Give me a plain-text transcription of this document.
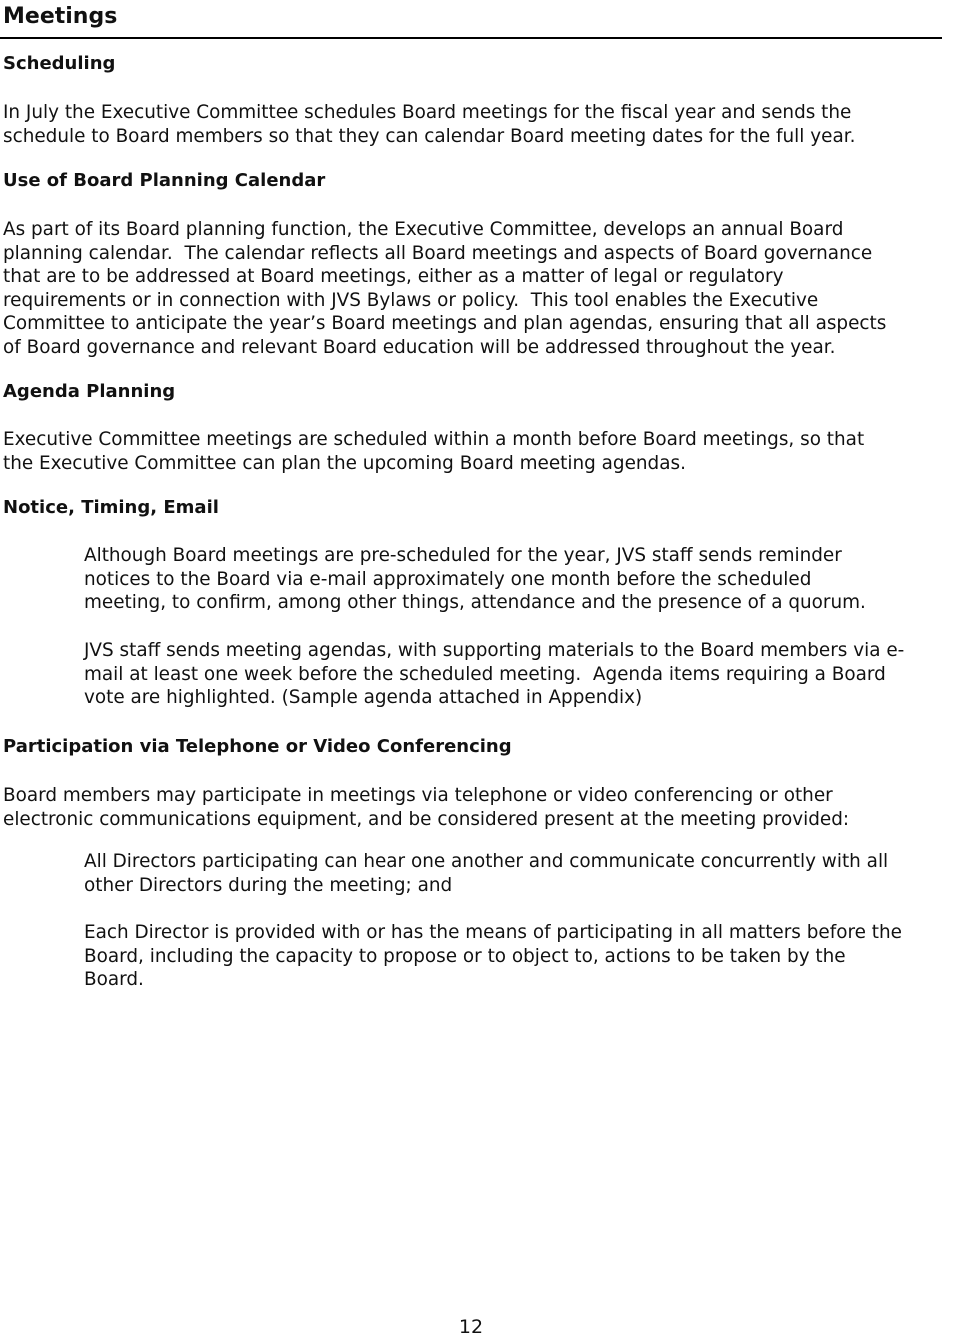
Meetings
Scheduling

In July the Executive Committee schedules Board meetings for the fiscal year and sends the
schedule to Board members so that they can calendar Board meeting dates for the full year.

Use of Board Planning Calendar

As part of its Board planning function, the Executive Committee, develops an annual Board
planning calendar.  The calendar reflects all Board meetings and aspects of Board governance
that are to be addressed at Board meetings, either as a matter of legal or regulatory
requirements or in connection with JVS Bylaws or policy.  This tool enables the Executive
Committee to anticipate the year’s Board meetings and plan agendas, ensuring that all aspects
of Board governance and relevant Board education will be addressed throughout the year.

Agenda Planning

Executive Committee meetings are scheduled within a month before Board meetings, so that
the Executive Committee can plan the upcoming Board meeting agendas.

Notice, Timing, Email

Although Board meetings are pre-scheduled for the year, JVS staff sends reminder
notices to the Board via e-mail approximately one month before the scheduled
meeting, to confirm, among other things, attendance and the presence of a quorum.

JVS staff sends meeting agendas, with supporting materials to the Board members via e-
mail at least one week before the scheduled meeting.  Agenda items requiring a Board
vote are highlighted. (Sample agenda attached in Appendix)

Participation via Telephone or Video Conferencing

Board members may participate in meetings via telephone or video conferencing or other
electronic communications equipment, and be considered present at the meeting provided:

All Directors participating can hear one another and communicate concurrently with all
other Directors during the meeting; and

Each Director is provided with or has the means of participating in all matters before the
Board, including the capacity to propose or to object to, actions to be taken by the
Board.

12
